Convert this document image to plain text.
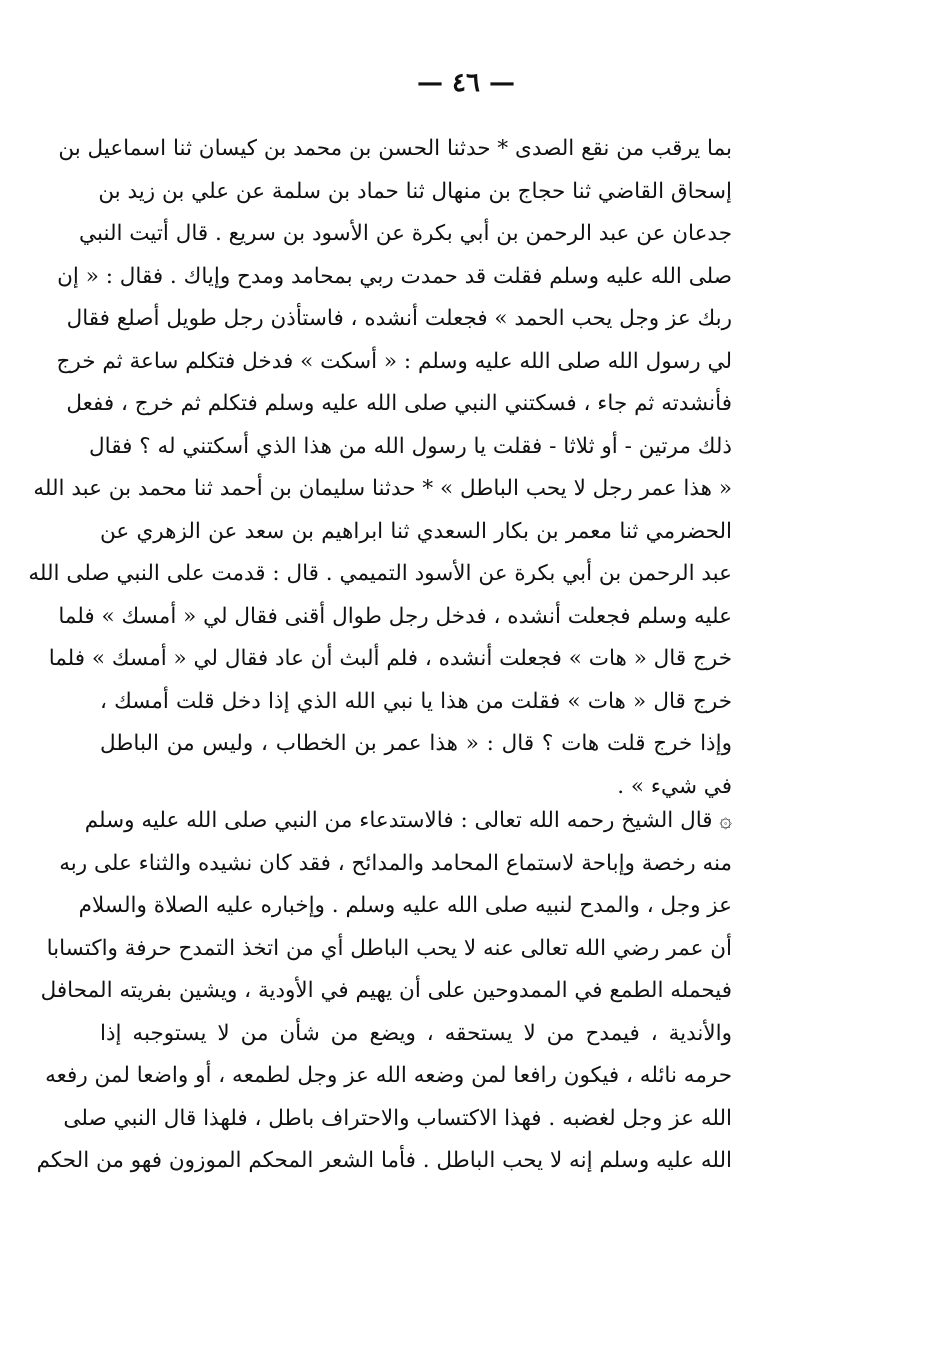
— ٤٦ —
بما يرقب من نقع الصدى * حدثنا الحسن بن محمد بن كيسان ثنا اسماعيل بن
إسحاق القاضي ثنا حجاج بن منهال ثنا حماد بن سلمة عن علي بن زيد بن
جدعان عن عبد الرحمن بن أبي بكرة عن الأسود بن سريع . قال أتيت النبي
صلى الله عليه وسلم فقلت قد حمدت ربي بمحامد ومدح وإياك . فقال : « إن
ربك عز وجل يحب الحمد » فجعلت أنشده ، فاستأذن رجل طويل أصلع فقال
لي رسول الله صلى الله عليه وسلم : « أسكت » فدخل فتكلم ساعة ثم خرج
فأنشدته ثم جاء ، فسكتني النبي صلى الله عليه وسلم فتكلم ثم خرج ، ففعل
ذلك مرتين - أو ثلاثا - فقلت يا رسول الله من هذا الذي أسكتني له ؟ فقال
« هذا عمر رجل لا يحب الباطل » * حدثنا سليمان بن أحمد ثنا محمد بن عبد الله
الحضرمي ثنا معمر بن بكار السعدي ثنا ابراهيم بن سعد عن الزهري عن
عبد الرحمن بن أبي بكرة عن الأسود التميمي . قال : قدمت على النبي صلى الله
عليه وسلم فجعلت أنشده ، فدخل رجل طوال أقنى فقال لي « أمسك » فلما
خرج قال « هات » فجعلت أنشده ، فلم ألبث أن عاد فقال لي « أمسك » فلما
خرج قال « هات » فقلت من هذا يا نبي الله الذي إذا دخل قلت أمسك ،
وإذا خرج قلت هات ؟ قال : « هذا عمر بن الخطاب ، وليس من الباطل
في شيء » .
۞ قال الشيخ رحمه الله تعالى : فالاستدعاء من النبي صلى الله عليه وسلم
منه رخصة وإباحة لاستماع المحامد والمدائح ، فقد كان نشيده والثناء على ربه
عز وجل ، والمدح لنبيه صلى الله عليه وسلم . وإخباره عليه الصلاة والسلام
أن عمر رضي الله تعالى عنه لا يحب الباطل أي من اتخذ التمدح حرفة واكتسابا
فيحمله الطمع في الممدوحين على أن يهيم في الأودية ، ويشين بفريته المحافل
والأندية ، فيمدح من لا يستحقه ، ويضع من شأن من لا يستوجبه إذا
حرمه نائله ، فيكون رافعا لمن وضعه الله عز وجل لطمعه ، أو واضعا لمن رفعه
الله عز وجل لغضبه . فهذا الاكتساب والاحتراف باطل ، فلهذا قال النبي صلى
الله عليه وسلم إنه لا يحب الباطل . فأما الشعر المحكم الموزون فهو من الحكم
